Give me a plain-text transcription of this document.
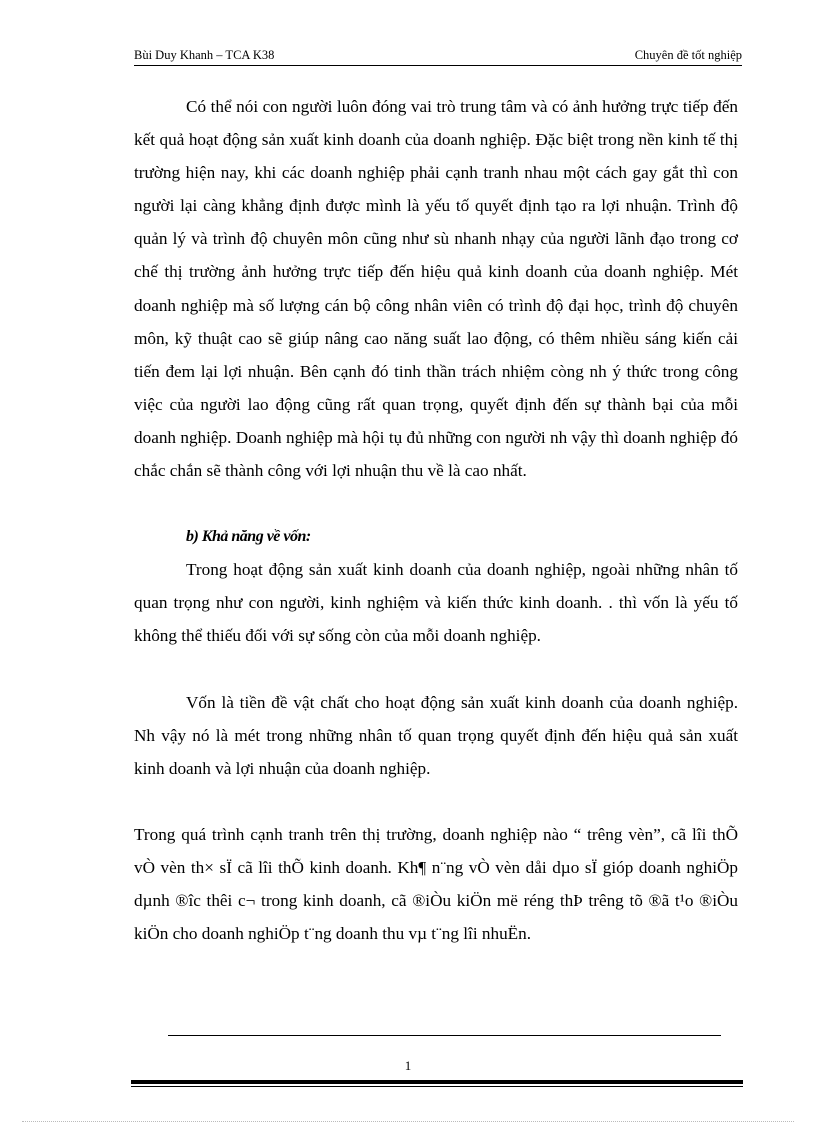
Bùi Duy Khanh – TCA K38	Chuyên đề tốt nghiệp

Có thể nói con người luôn đóng vai trò trung tâm và có ảnh hưởng trực tiếp đến kết quả hoạt động sản xuất kinh doanh của doanh nghiệp. Đặc biệt trong nền kinh tế thị trường hiện nay, khi các doanh nghiệp phải cạnh tranh nhau một cách gay gắt thì con người lại càng khẳng định được mình là yếu tố quyết định tạo ra lợi nhuận. Trình độ quản lý và trình độ chuyên môn cũng như sù nhanh nhạy của người lãnh đạo trong cơ chế thị trường ảnh hưởng trực tiếp đến hiệu quả kinh doanh của doanh nghiệp. Mét doanh nghiệp mà số lượng cán bộ công nhân viên có trình độ đại học, trình độ chuyên môn, kỹ thuật cao sẽ giúp nâng cao năng suất lao động, có thêm nhiều sáng kiến cải tiến đem lại lợi nhuận. Bên cạnh đó tinh thần trách nhiệm còng nh ý thức trong công việc của người lao động cũng rất quan trọng, quyết định đến sự thành bại của mỗi doanh nghiệp. Doanh nghiệp mà hội tụ đủ những con người nh vậy thì doanh nghiệp đó chắc chắn sẽ thành công với lợi nhuận thu về là cao nhất.

b) Khả năng về vốn:

Trong hoạt động sản xuất kinh doanh của doanh nghiệp, ngoài những nhân tố quan trọng như con người, kinh nghiệm và kiến thức kinh doanh. . thì vốn là yếu tố không thể thiếu đối với sự sống còn của mỗi doanh nghiệp.

Vốn là tiền đề vật chất cho hoạt động sản xuất kinh doanh của doanh nghiệp. Nh vậy nó là mét trong những nhân tố quan trọng quyết định đến hiệu quả sản xuất kinh doanh và lợi nhuận của doanh nghiệp.

Trong quá trình cạnh tranh trên thị trường, doanh nghiệp nào “ trêng vèn”, cã lîi thÕ vÒ vèn th× sÏ cã lîi thÕ kinh doanh. Kh¶ n¨ng vÒ vèn dåi dµo sÏ gióp doanh nghiÖp dµnh ®îc thêi c¬ trong kinh doanh, cã ®iÒu kiÖn më réng thÞ trêng tõ ®ã t¹o ®iÒu kiÖn cho doanh nghiÖp t¨ng doanh thu vµ t¨ng lîi nhuËn.

1
